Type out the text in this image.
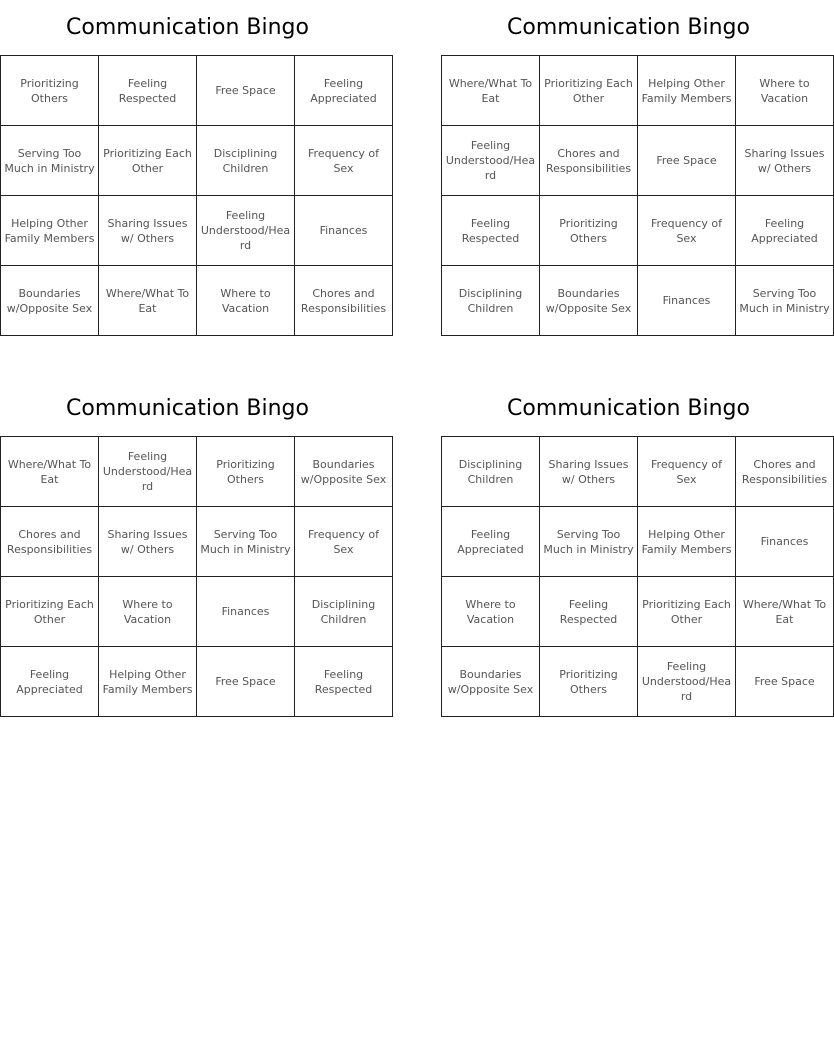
Communication Bingo
Prioritizing Others	Feeling Respected	Free Space	Feeling Appreciated
Serving Too Much in Ministry	Prioritizing Each Other	Disciplining Children	Frequency of Sex
Helping Other Family Members	Sharing Issues w/ Others	Feeling Understood/Heard	Finances
Boundaries w/Opposite Sex	Where/What To Eat	Where to Vacation	Chores and Responsibilities
Communication Bingo
Where/What To Eat	Prioritizing Each Other	Helping Other Family Members	Where to Vacation
Feeling Understood/Heard	Chores and Responsibilities	Free Space	Sharing Issues w/ Others
Feeling Respected	Prioritizing Others	Frequency of Sex	Feeling Appreciated
Disciplining Children	Boundaries w/Opposite Sex	Finances	Serving Too Much in Ministry
Communication Bingo
Where/What To Eat	Feeling Understood/Heard	Prioritizing Others	Boundaries w/Opposite Sex
Chores and Responsibilities	Sharing Issues w/ Others	Serving Too Much in Ministry	Frequency of Sex
Prioritizing Each Other	Where to Vacation	Finances	Disciplining Children
Feeling Appreciated	Helping Other Family Members	Free Space	Feeling Respected
Communication Bingo
Disciplining Children	Sharing Issues w/ Others	Frequency of Sex	Chores and Responsibilities
Feeling Appreciated	Serving Too Much in Ministry	Helping Other Family Members	Finances
Where to Vacation	Feeling Respected	Prioritizing Each Other	Where/What To Eat
Boundaries w/Opposite Sex	Prioritizing Others	Feeling Understood/Heard	Free Space
